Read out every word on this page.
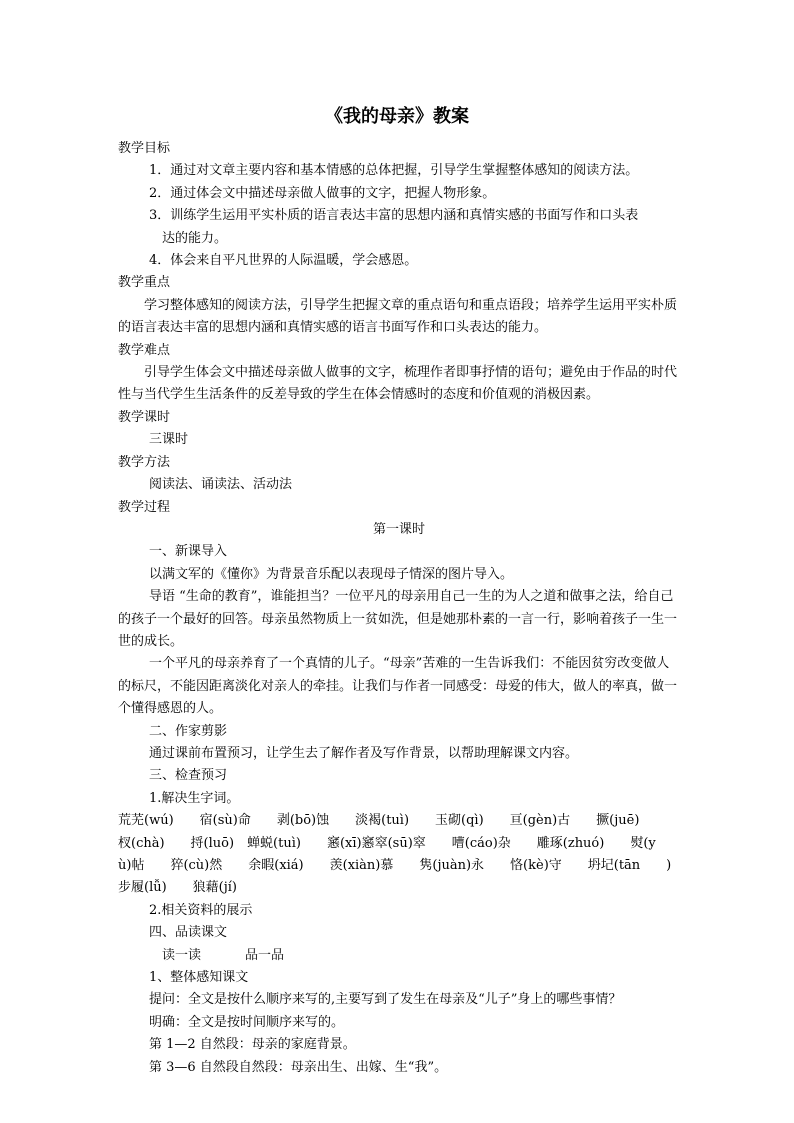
《我的母亲》教案

教学目标

1．通过对文章主要内容和基本情感的总体把握，引导学生掌握整体感知的阅读方法。

2．通过体会文中描述母亲做人做事的文字，把握人物形象。

3．训练学生运用平实朴质的语言表达丰富的思想内涵和真情实感的书面写作和口头表

达的能力。

4．体会来自平凡世界的人际温暖，学会感恩。

教学重点

学习整体感知的阅读方法，引导学生把握文章的重点语句和重点语段；培养学生运用平实朴质的语言表达丰富的思想内涵和真情实感的语言书面写作和口头表达的能力。

教学难点

引导学生体会文中描述母亲做人做事的文字，梳理作者即事抒情的语句；避免由于作品的时代性与当代学生生活条件的反差导致的学生在体会情感时的态度和价值观的消极因素。

教学课时

三课时

教学方法

阅读法、诵读法、活动法

教学过程

第一课时

一、新课导入

以满文军的《懂你》为背景音乐配以表现母子情深的图片导入。

导语 “生命的教育”，谁能担当？一位平凡的母亲用自己一生的为人之道和做事之法，给自己的孩子一个最好的回答。母亲虽然物质上一贫如洗，但是她那朴素的一言一行，影响着孩子一生一世的成长。

一个平凡的母亲养育了一个真情的儿子。“母亲”苦难的一生告诉我们：不能因贫穷改变做人的标尺，不能因距离淡化对亲人的牵挂。让我们与作者一同感受：母爱的伟大，做人的率真，做一个懂得感恩的人。

二、作家剪影

通过课前布置预习，让学生去了解作者及写作背景，以帮助理解课文内容。

三、检查预习

1.解决生字词。

荒芜(wú)　　宿(sù)命　　剥(bō)蚀　　淡褐(tuì)　　玉砌(qì)　　亘(gèn)古　　撅(juē)

杈(chà)　　捋(luō)　蝉蜕(tuì)　　窸(xī)窸窣(sū)窣　　嘈(cáo)杂　　雕琢(zhuó)　　熨(y

ù)帖　　猝(cù)然　　余暇(xiá)　　羡(xiàn)慕　　隽(juàn)永　　恪(kè)守　　坍圮(tān　　)

步履(lǚ)　　狼藉(jí)

2.相关资料的展示

四、品读课文

读一读	品一品

1、整体感知课文

提问：全文是按什么顺序来写的,主要写到了发生在母亲及“儿子”身上的哪些事情？

明确：全文是按时间顺序来写的。

第 1—2 自然段：母亲的家庭背景。

第 3—6 自然段自然段：母亲出生、出嫁、生“我”。
